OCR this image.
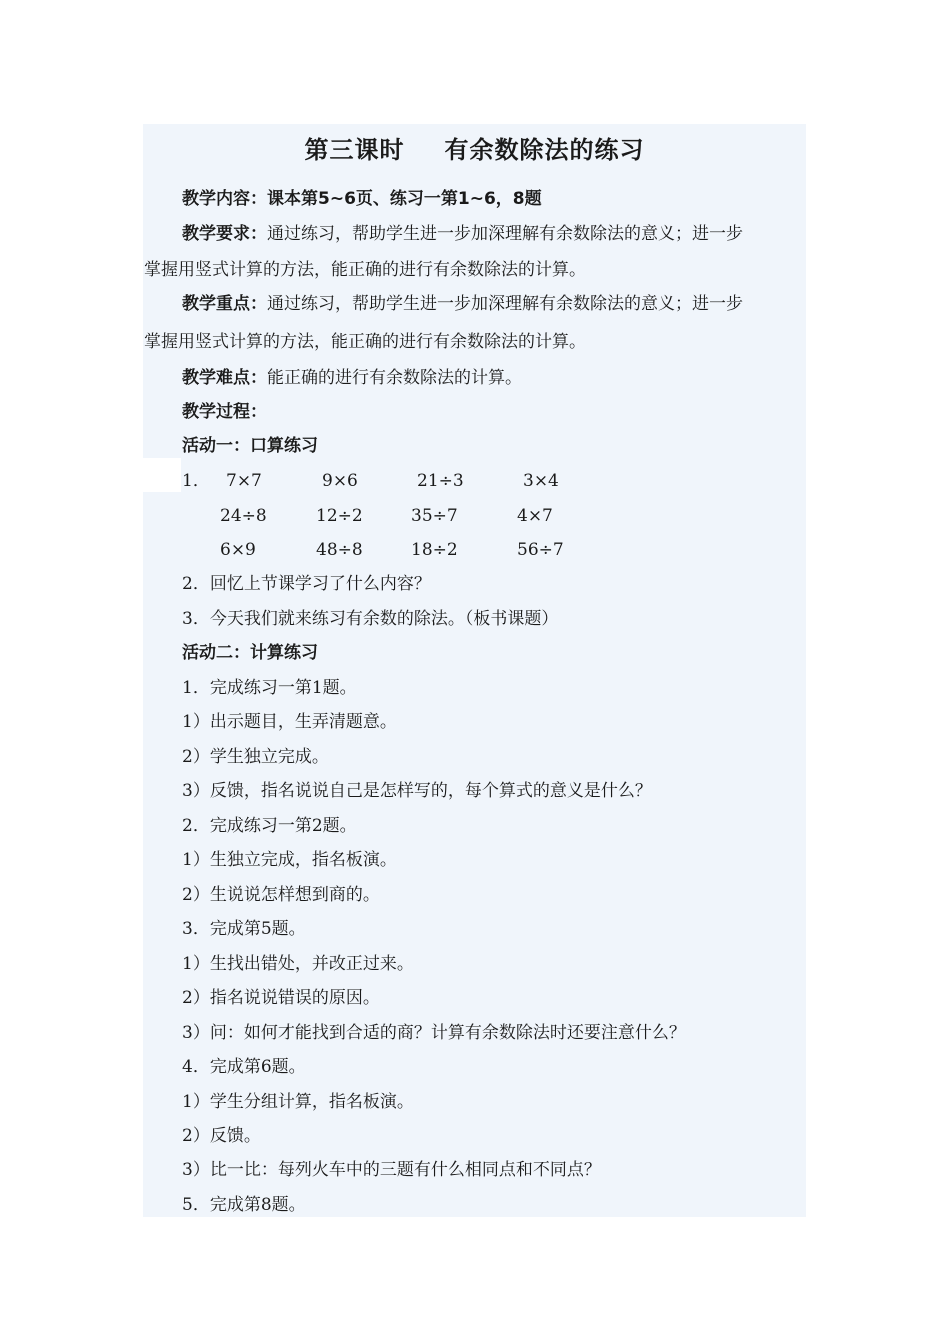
第三课时 有余数除法的练习
教学内容：课本第5~6页、练习一第1~6，8题
教学要求：通过练习，帮助学生进一步加深理解有余数除法的意义；进一步
掌握用竖式计算的方法，能正确的进行有余数除法的计算。
教学重点：通过练习，帮助学生进一步加深理解有余数除法的意义；进一步
掌握用竖式计算的方法，能正确的进行有余数除法的计算。
教学难点：能正确的进行有余数除法的计算。
教学过程：
活动一：口算练习
1． 7×7	9×6	21÷3	3×4
24÷8	12÷2	35÷7	4×7
6×9	48÷8	18÷2	56÷7
2．回忆上节课学习了什么内容？
3．今天我们就来练习有余数的除法。（板书课题）
活动二：计算练习
1．完成练习一第1题。
1）出示题目，生弄清题意。
2）学生独立完成。
3）反馈，指名说说自己是怎样写的，每个算式的意义是什么？
2．完成练习一第2题。
1）生独立完成，指名板演。
2）生说说怎样想到商的。
3．完成第5题。
1）生找出错处，并改正过来。
2）指名说说错误的原因。
3）问：如何才能找到合适的商？计算有余数除法时还要注意什么？
4．完成第6题。
1）学生分组计算，指名板演。
2）反馈。
3）比一比：每列火车中的三题有什么相同点和不同点？
5．完成第8题。
